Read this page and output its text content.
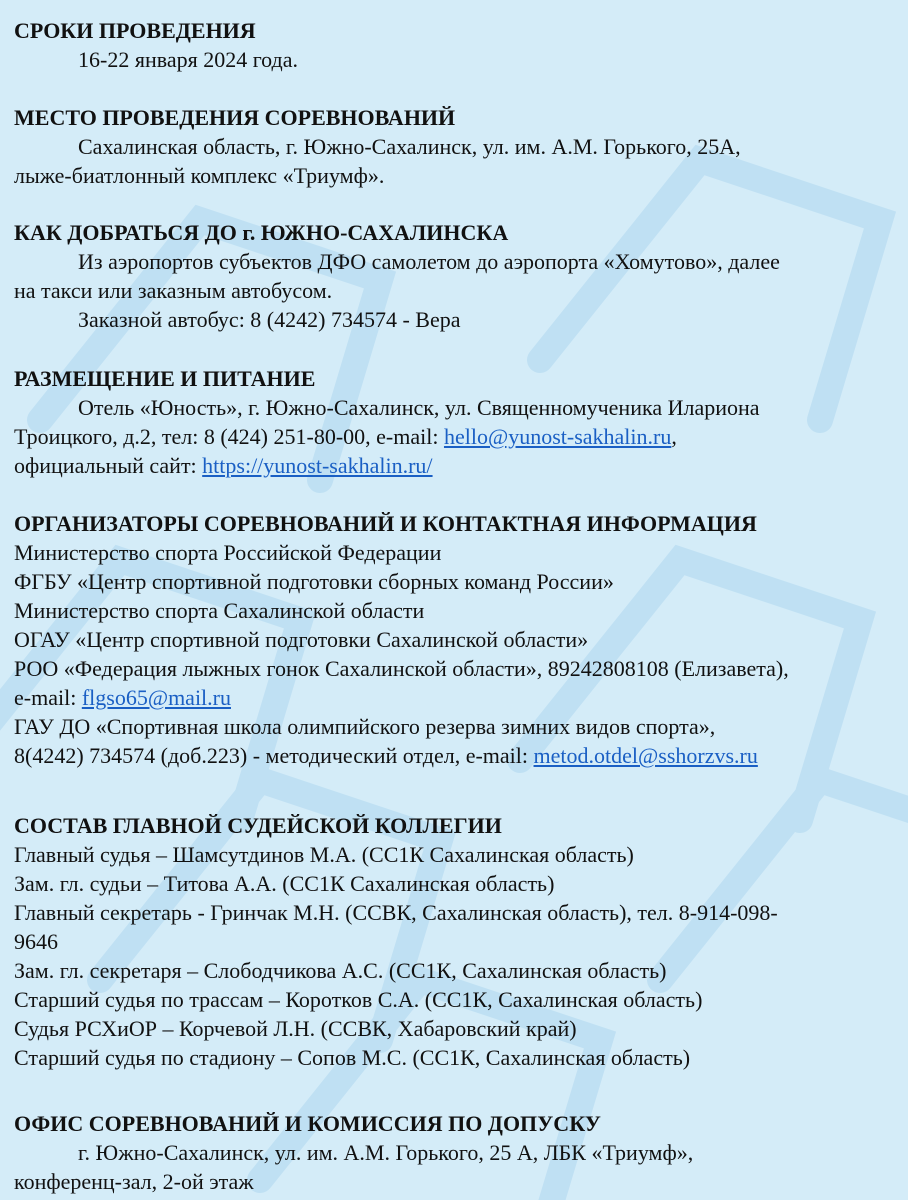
СРОКИ ПРОВЕДЕНИЯ

16-22 января 2024 года.

МЕСТО ПРОВЕДЕНИЯ СОРЕВНОВАНИЙ

Сахалинская область, г. Южно-Сахалинск, ул. им. А.М. Горького, 25А,

лыже-биатлонный комплекс «Триумф».

КАК ДОБРАТЬСЯ ДО г. ЮЖНО-САХАЛИНСКА

Из аэропортов субъектов ДФО самолетом до аэропорта «Хомутово», далее

на такси или заказным автобусом.

Заказной автобус: 8 (4242) 734574 - Вера

РАЗМЕЩЕНИЕ И ПИТАНИЕ

Отель «Юность», г. Южно-Сахалинск, ул. Священномученика Илариона

Троицкого, д.2, тел: 8 (424) 251-80-00, e-mail: hello@yunost-sakhalin.ru,

официальный сайт: https://yunost-sakhalin.ru/

ОРГАНИЗАТОРЫ СОРЕВНОВАНИЙ И КОНТАКТНАЯ ИНФОРМАЦИЯ

Министерство спорта Российской Федерации

ФГБУ «Центр спортивной подготовки сборных команд России»

Министерство спорта Сахалинской области

ОГАУ «Центр спортивной подготовки Сахалинской области»

РОО «Федерация лыжных гонок Сахалинской области», 89242808108 (Елизавета),

e-mail: flgso65@mail.ru

ГАУ ДО «Спортивная школа олимпийского резерва зимних видов спорта»,

8(4242) 734574 (доб.223) - методический отдел, e-mail: metod.otdel@sshorzvs.ru

СОСТАВ ГЛАВНОЙ СУДЕЙСКОЙ КОЛЛЕГИИ

Главный судья – Шамсутдинов М.А. (СС1К Сахалинская область)

Зам. гл. судьи – Титова А.А. (СС1К Сахалинская область)

Главный секретарь - Гринчак М.Н. (ССВК, Сахалинская область), тел. 8-914-098-

9646

Зам. гл. секретаря – Слободчикова А.С. (СС1К, Сахалинская область)

Старший судья по трассам – Коротков С.А. (СС1К, Сахалинская область)

Судья РСХиОР – Корчевой Л.Н. (ССВК, Хабаровский край)

Старший судья по стадиону – Сопов М.С. (СС1К, Сахалинская область)

ОФИС СОРЕВНОВАНИЙ И КОМИССИЯ ПО ДОПУСКУ

г. Южно-Сахалинск, ул. им. А.М. Горького, 25 А, ЛБК «Триумф»,

конференц-зал, 2-ой этаж
